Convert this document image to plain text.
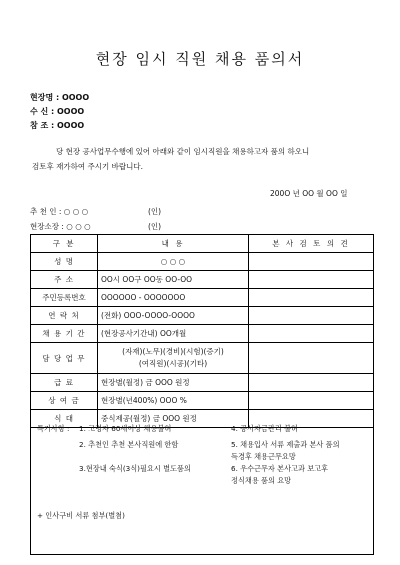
현장 임시 직원 채용 품의서
현장명 : OOOO
수 신 : OOOO
참 조 : OOOO
당 현장 공사업무수행에 있어 아래와 같이 임시직원을 채용하고자 품의 하오니
검토후 재가하여 주시기 바랍니다.
200O 년 OO 월 OO 일
추 천 인 : ○ ○ ○	(인)
현장소장 : ○ ○ ○	(인)
구 분	내 용	본 사 검 토 의 견
성 명	○ ○ ○	
주 소	OO시 OO구 OO동 OO-OO	
주민등록번호	OOOOOO - OOOOOOO	
연 락 처	(전화) OOO-OOOO-OOOO	
채 용 기 간	(현장공사기간내) OO개월	
담 당 업 무	(자재)(노무)(경비)(시험)(증기)
(여직원)(시공)(기타)	

급 료	현장별(월정) 금 OOO 원정	
상 여 금	현장별(년400%) OOO %	
식 대	중식제공(월정) 금 OOO 원정	
특기사항 : 1. 고령자 60세이상 채용불허
2. 추천인 추천 본사직원에 한함
3.현장내 숙식(3식)필요시 별도품의
4. 공사자금관리 불허
5. 채용입사 서류 제출과 본사 품의
득경후 채용근무요망
6. 우수근무자 본사고과 보고후
정식채용 품의 요망
+ 인사구비 서류 첨부(별첨)
